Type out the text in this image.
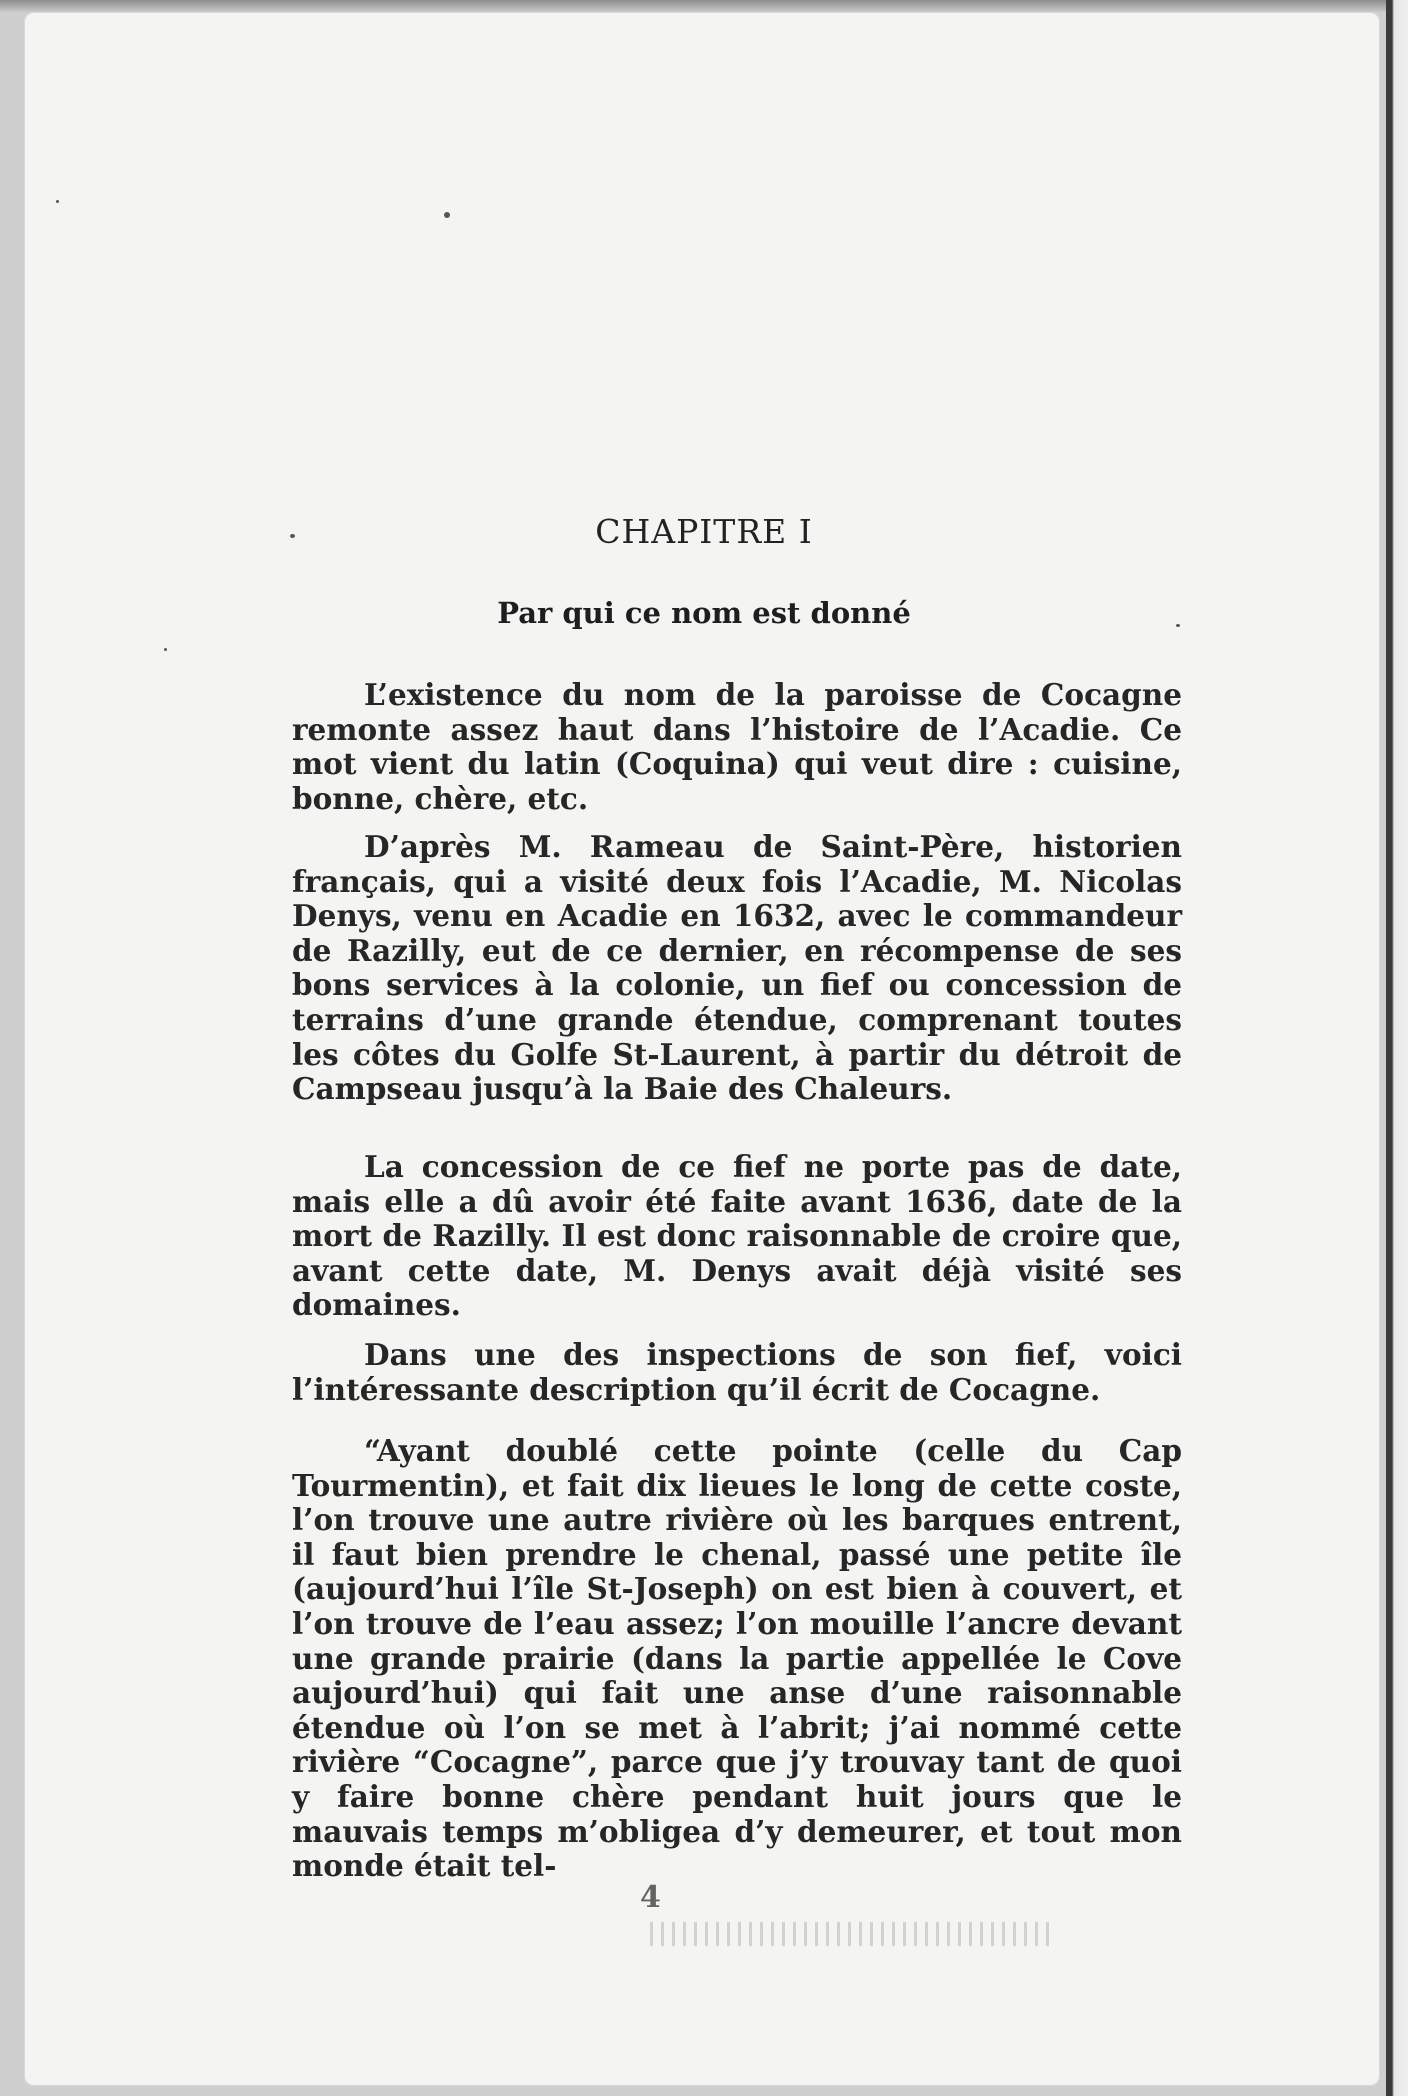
CHAPITRE I
Par qui ce nom est donné

L’existence du nom de la paroisse de Cocagne remonte assez haut dans l’histoire de l’Acadie. Ce mot vient du latin (Coquina) qui veut dire : cuisine, bonne, chère, etc.

D’après M. Rameau de Saint-Père, historien français, qui a visité deux fois l’Acadie, M. Nicolas Denys, venu en Acadie en 1632, avec le commandeur de Razilly, eut de ce dernier, en récompense de ses bons services à la colonie, un fief ou concession de terrains d’une grande étendue, comprenant toutes les côtes du Golfe St-Laurent, à partir du détroit de Campseau jusqu’à la Baie des Chaleurs.

La concession de ce fief ne porte pas de date, mais elle a dû avoir été faite avant 1636, date de la mort de Razilly. Il est donc raisonnable de croire que, avant cette date, M. Denys avait déjà visité ses domaines.

Dans une des inspections de son fief, voici l’intéressante description qu’il écrit de Cocagne.

“Ayant doublé cette pointe (celle du Cap Tourmentin), et fait dix lieues le long de cette coste, l’on trouve une autre rivière où les barques entrent, il faut bien prendre le chenal, passé une petite île (aujourd’hui l’île St-Joseph) on est bien à couvert, et l’on trouve de l’eau assez; l’on mouille l’ancre devant une grande prairie (dans la partie appellée le Cove aujourd’hui) qui fait une anse d’une raisonnable étendue où l’on se met à l’abrit; j’ai nommé cette rivière “Cocagne”, parce que j’y trouvay tant de quoi y faire bonne chère pendant huit jours que le mauvais temps m’obligea d’y demeurer, et tout mon monde était tel-

4
